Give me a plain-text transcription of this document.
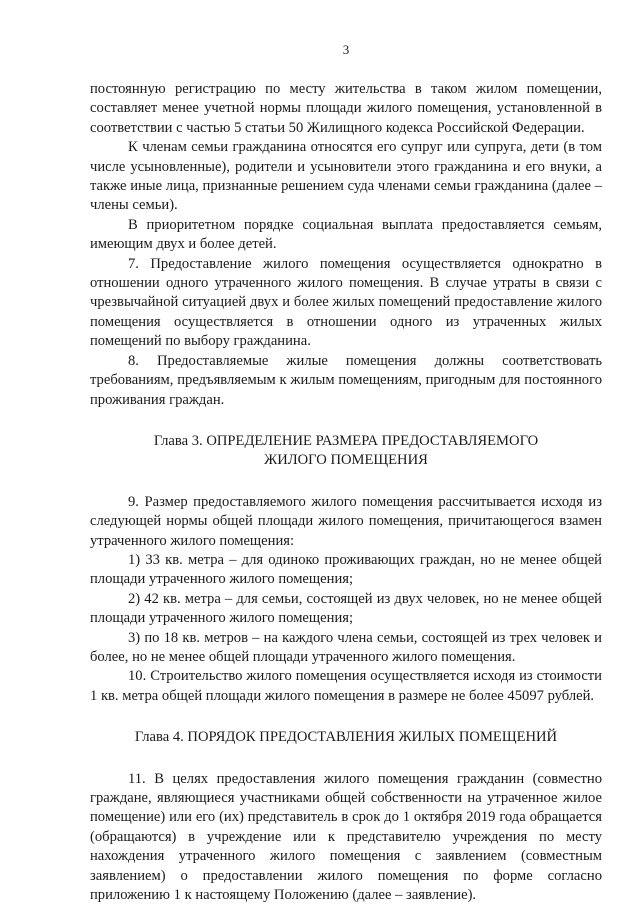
3

постоянную регистрацию по месту жительства в таком жилом помещении, составляет менее учетной нормы площади жилого помещения, установленной в соответствии с частью 5 статьи 50 Жилищного кодекса Российской Федерации.

К членам семьи гражданина относятся его супруг или супруга, дети (в том числе усыновленные), родители и усыновители этого гражданина и его внуки, а также иные лица, признанные решением суда членами семьи гражданина (далее – члены семьи).

В приоритетном порядке социальная выплата предоставляется семьям, имеющим двух и более детей.

7. Предоставление жилого помещения осуществляется однократно в отношении одного утраченного жилого помещения. В случае утраты в связи с чрезвычайной ситуацией двух и более жилых помещений предоставление жилого помещения осуществляется в отношении одного из утраченных жилых помещений по выбору гражданина.

8. Предоставляемые жилые помещения должны соответствовать требованиям, предъявляемым к жилым помещениям, пригодным для постоянного проживания граждан.

Глава 3. ОПРЕДЕЛЕНИЕ РАЗМЕРА ПРЕДОСТАВЛЯЕМОГО

ЖИЛОГО ПОМЕЩЕНИЯ

9. Размер предоставляемого жилого помещения рассчитывается исходя из следующей нормы общей площади жилого помещения, причитающегося взамен утраченного жилого помещения:

1) 33 кв. метра – для одиноко проживающих граждан, но не менее общей площади утраченного жилого помещения;

2) 42 кв. метра – для семьи, состоящей из двух человек, но не менее общей площади утраченного жилого помещения;

3) по 18 кв. метров – на каждого члена семьи, состоящей из трех человек и более, но не менее общей площади утраченного жилого помещения.

10. Строительство жилого помещения осуществляется исходя из стоимости 1 кв. метра общей площади жилого помещения в размере не более 45097 рублей.

Глава 4. ПОРЯДОК ПРЕДОСТАВЛЕНИЯ ЖИЛЫХ ПОМЕЩЕНИЙ

11. В целях предоставления жилого помещения гражданин (совместно граждане, являющиеся участниками общей собственности на утраченное жилое помещение) или его (их) представитель в срок до 1 октября 2019 года обращается (обращаются) в учреждение или к представителю учреждения по месту нахождения утраченного жилого помещения с заявлением (совместным заявлением) о предоставлении жилого помещения по форме согласно приложению 1 к настоящему Положению (далее – заявление).
